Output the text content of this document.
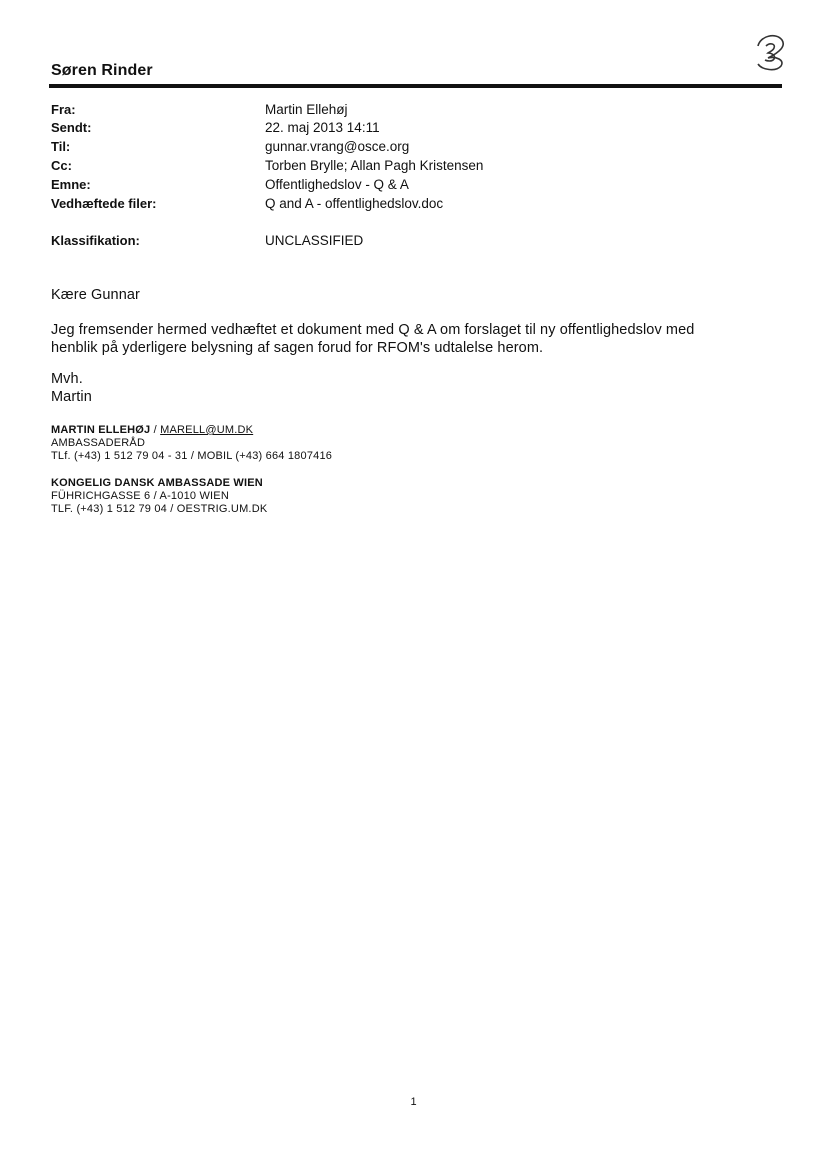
Søren Rinder
Fra:	Martin Ellehøj
Sendt:	22. maj 2013 14:11
Til:	gunnar.vrang@osce.org
Cc:	Torben Brylle; Allan Pagh Kristensen
Emne:	Offentlighedslov - Q & A
Vedhæftede filer:	Q and A - offentlighedslov.doc
Klassifikation:	UNCLASSIFIED
Kære Gunnar
Jeg fremsender hermed vedhæftet et dokument med Q & A om forslaget til ny offentlighedslov med
henblik på yderligere belysning af sagen forud for RFOM's udtalelse herom.
Mvh.
Martin
MARTIN ELLEHØJ / MARELL@UM.DK
AMBASSADERÅD
TLf. (+43) 1 512 79 04 - 31 / MOBIL (+43) 664 1807416
KONGELIG DANSK AMBASSADE WIEN
FÜHRICHGASSE 6 / A-1010 WIEN
TLF. (+43) 1 512 79 04 / OESTRIG.UM.DK
1
